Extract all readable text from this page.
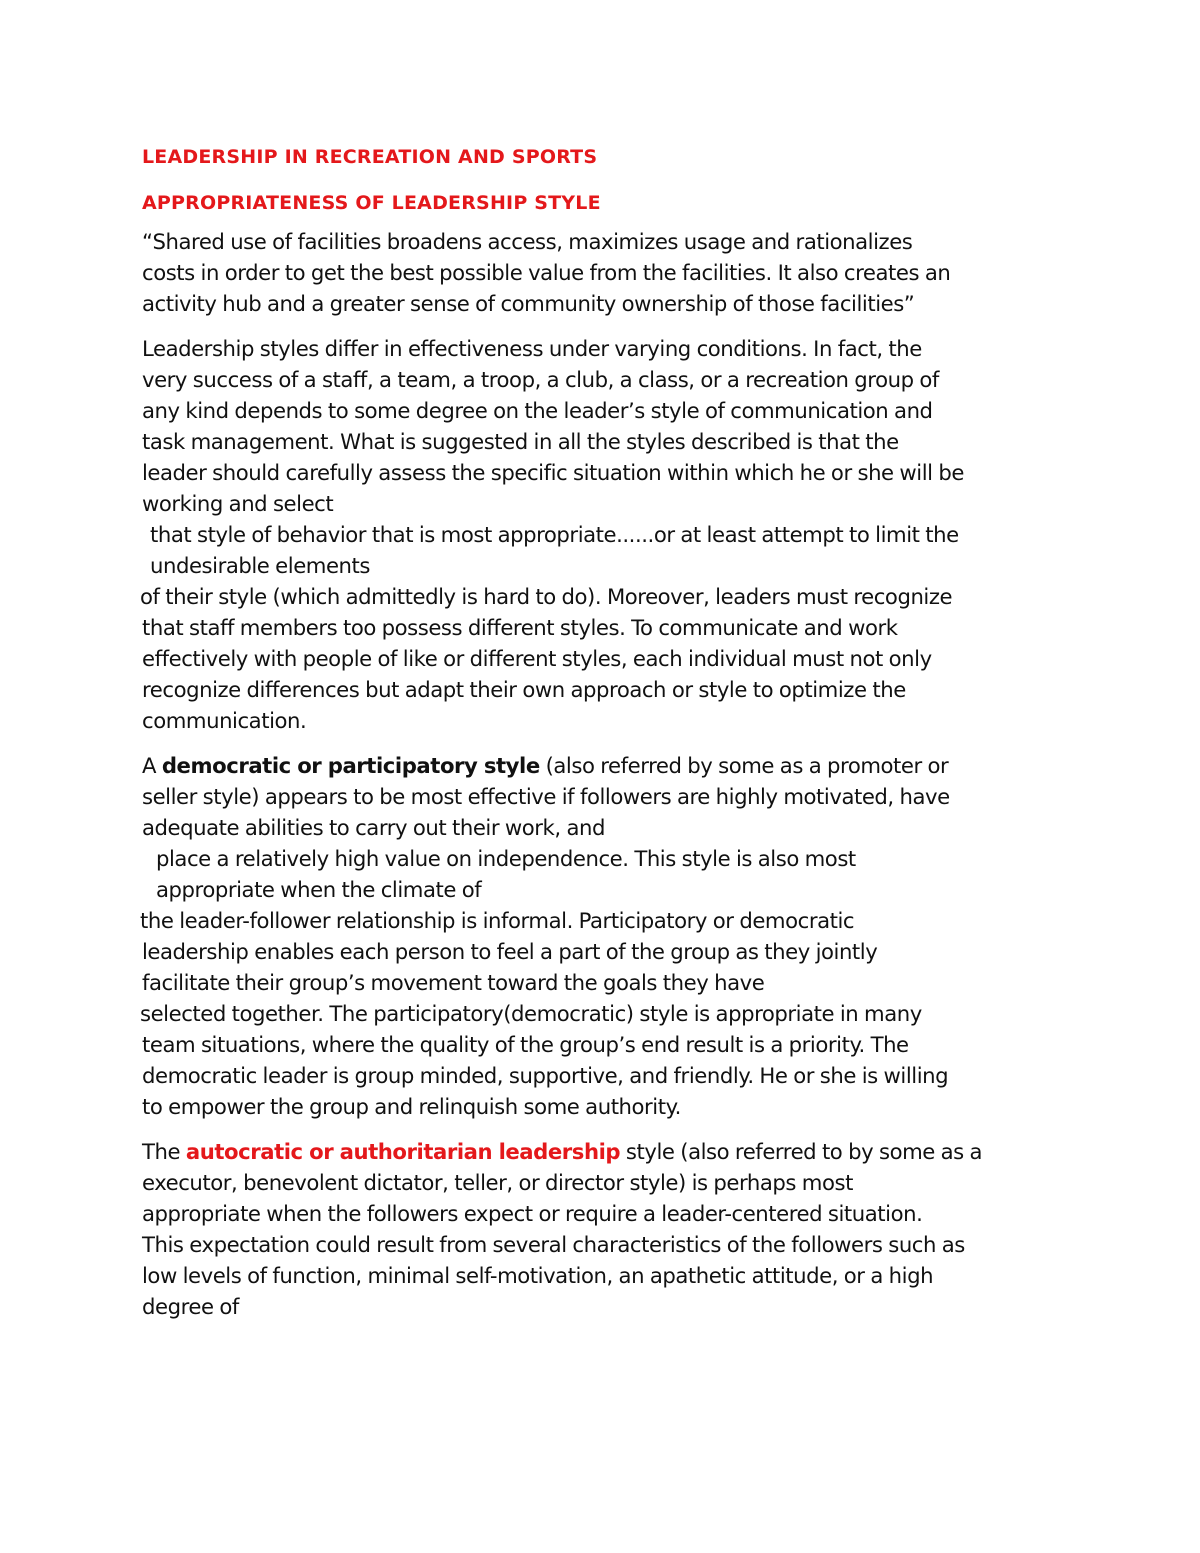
LEADERSHIP IN RECREATION AND SPORTS
APPROPRIATENESS OF LEADERSHIP STYLE

“Shared use of facilities broadens access, maximizes usage and rationalizes
costs in order to get the best possible value from the facilities. It also creates an
activity hub and a greater sense of community ownership of those facilities”

Leadership styles differ in effectiveness under varying conditions. In fact, the
very success of a staff, a team, a troop, a club, a class, or a recreation group of
any kind depends to some degree on the leader’s style of communication and
task management. What is suggested in all the styles described is that the
leader should carefully assess the specific situation within which he or she will be
working and select
that style of behavior that is most appropriate......or at least attempt to limit the
undesirable elements
of their style (which admittedly is hard to do). Moreover, leaders must recognize
that staff members too possess different styles. To communicate and work
effectively with people of like or different styles, each individual must not only
recognize differences but adapt their own approach or style to optimize the
communication.

A democratic or participatory style (also referred by some as a promoter or
seller style) appears to be most effective if followers are highly motivated, have
adequate abilities to carry out their work, and
place a relatively high value on independence. This style is also most
appropriate when the climate of
the leader-follower relationship is informal. Participatory or democratic
leadership enables each person to feel a part of the group as they jointly
facilitate their group’s movement toward the goals they have
selected together. The participatory(democratic) style is appropriate in many
team situations, where the quality of the group’s end result is a priority. The
democratic leader is group minded, supportive, and friendly. He or she is willing
to empower the group and relinquish some authority.

The autocratic or authoritarian leadership style (also referred to by some as a
executor, benevolent dictator, teller, or director style) is perhaps most
appropriate when the followers expect or require a leader-centered situation.
This expectation could result from several characteristics of the followers such as
low levels of function, minimal self-motivation, an apathetic attitude, or a high
degree of
